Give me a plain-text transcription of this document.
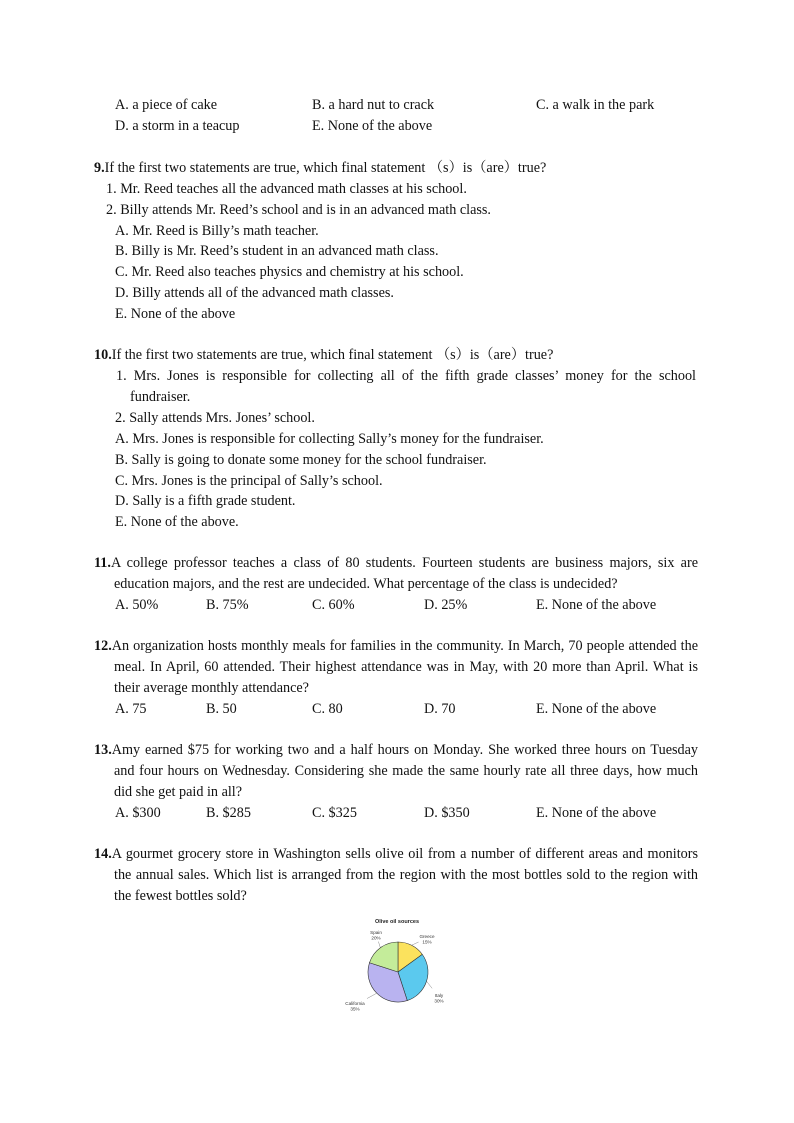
A. a piece of cake	B. a hard nut to crack	C. a walk in the park
D. a storm in a teacup	E. None of the above
9.If the first two statements are true, which final statement （s）is（are）true?
1. Mr. Reed teaches all the advanced math classes at his school.
2. Billy attends Mr. Reed’s school and is in an advanced math class.
A. Mr. Reed is Billy’s math teacher.
B. Billy is Mr. Reed’s student in an advanced math class.
C. Mr. Reed also teaches physics and chemistry at his school.
D. Billy attends all of the advanced math classes.
E. None of the above
10.If the first two statements are true, which final statement （s）is（are）true?
1. Mrs. Jones is responsible for collecting all of the fifth grade classes’ money for the school fundraiser.
2. Sally attends Mrs. Jones’ school.
A. Mrs. Jones is responsible for collecting Sally’s money for the fundraiser.
B. Sally is going to donate some money for the school fundraiser.
C. Mrs. Jones is the principal of Sally’s school.
D. Sally is a fifth grade student.
E. None of the above.
11.A college professor teaches a class of 80 students. Fourteen students are business majors, six are education majors, and the rest are undecided. What percentage of the class is undecided?
A. 50%	B. 75%	C. 60%	D. 25%	E. None of the above
12.An organization hosts monthly meals for families in the community. In March, 70 people attended the meal. In April, 60 attended. Their highest attendance was in May, with 20 more than April. What is their average monthly attendance?
A. 75	B. 50	C. 80	D. 70	E. None of the above
13.Amy earned $75 for working two and a half hours on Monday. She worked three hours on Tuesday and four hours on Wednesday. Considering she made the same hourly rate all three days, how much did she get paid in all?
A. $300	B. $285	C. $325	D. $350	E. None of the above
14.A gourmet grocery store in Washington sells olive oil from a number of different areas and monitors the annual sales. Which list is arranged from the region with the most bottles sold to the region with the fewest bottles sold?
Olive oil sources
Greece
15%
Italy
30%
California
35%
Spain
20%
